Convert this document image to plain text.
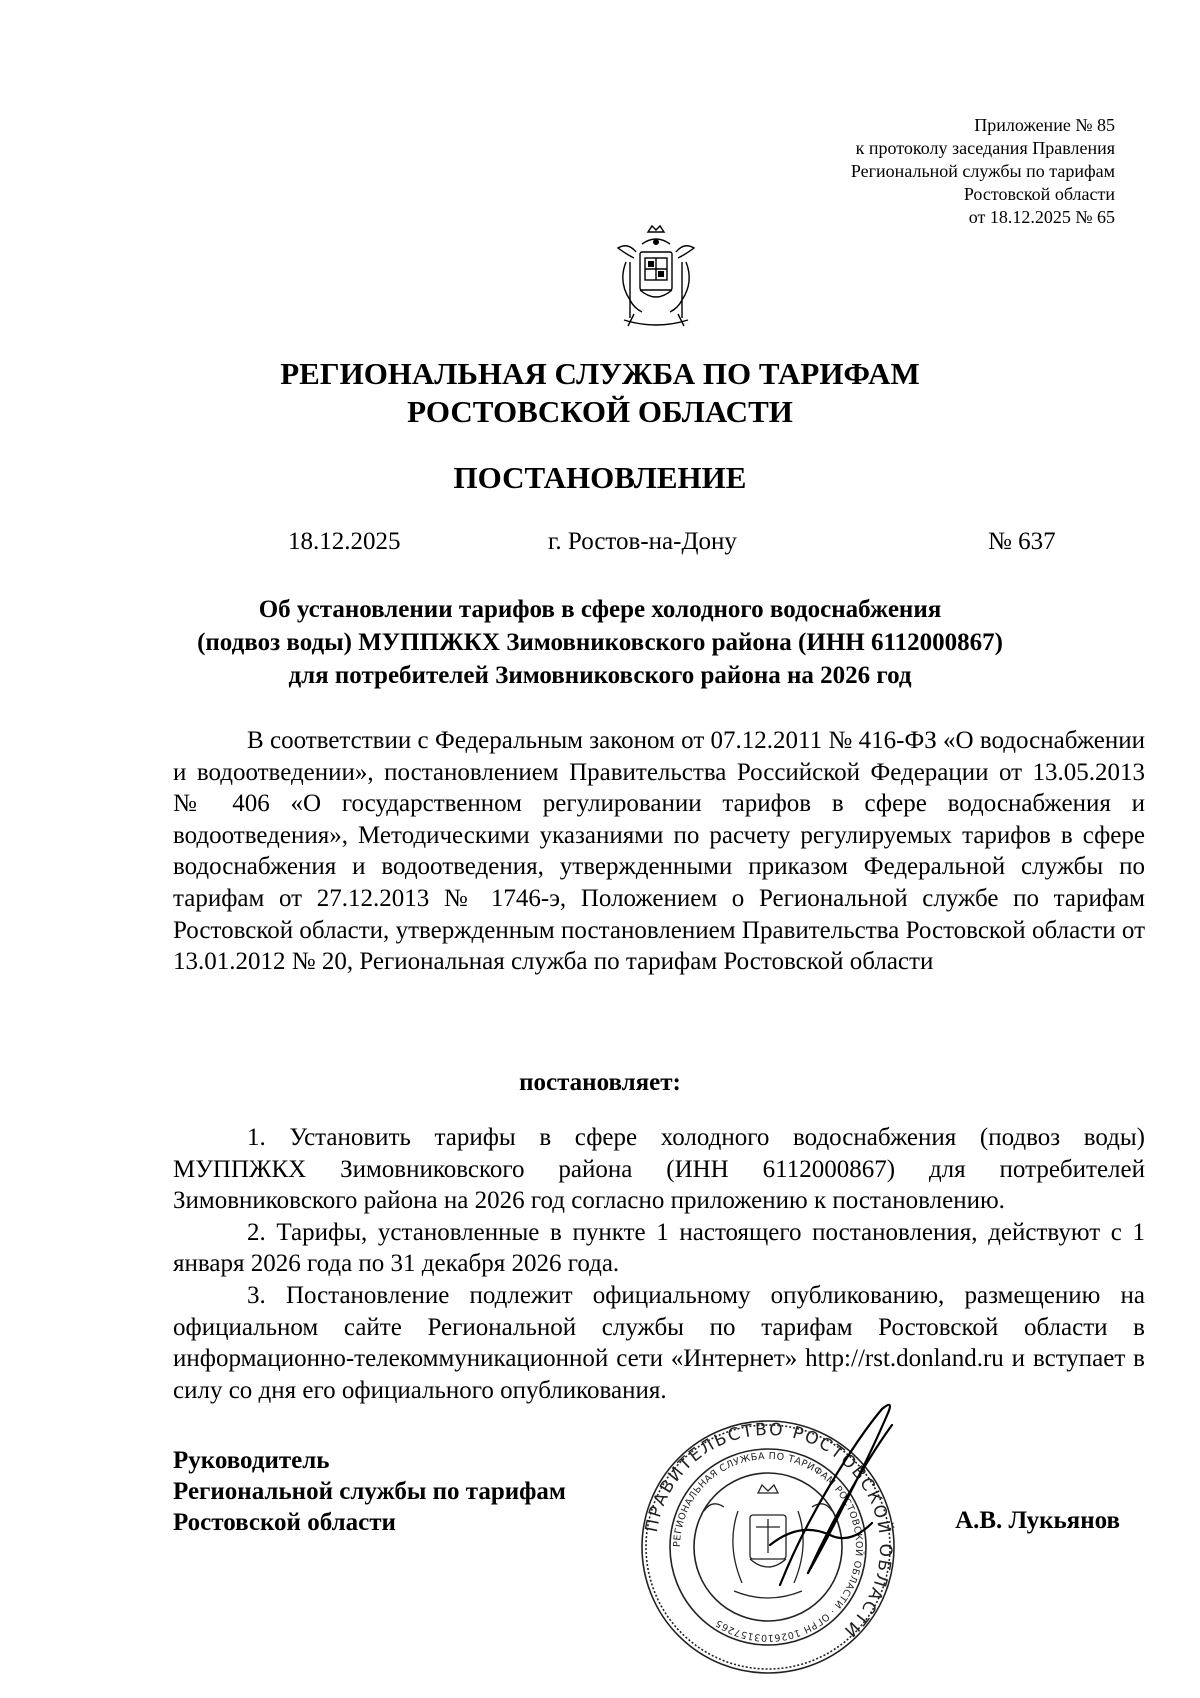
Приложение № 85
к протоколу заседания Правления
Региональной службы по тарифам
Ростовской области
от 18.12.2025 № 65
РЕГИОНАЛЬНАЯ СЛУЖБА ПО ТАРИФАМ
РОСТОВСКОЙ ОБЛАСТИ
ПОСТАНОВЛЕНИЕ
18.12.2025	г. Ростов-на-Дону	№ 637
Об установлении тарифов в сфере холодного водоснабжения
(подвоз воды) МУППЖКХ Зимовниковского района (ИНН 6112000867)
для потребителей Зимовниковского района на 2026 год
В соответствии с Федеральным законом от 07.12.2011 № 416-ФЗ «О водоснабжении и водоотведении», постановлением Правительства Российской Федерации от 13.05.2013 № 406 «О государственном регулировании тарифов в сфере водоснабжения и водоотведения», Методическими указаниями по расчету регулируемых тарифов в сфере водоснабжения и водоотведения, утвержденными приказом Федеральной службы по тарифам от 27.12.2013 № 1746-э, Положением о Региональной службе по тарифам Ростовской области, утвержденным постановлением Правительства Ростовской области от 13.01.2012 № 20, Региональная служба по тарифам Ростовской области
постановляет:

1. Установить тарифы в сфере холодного водоснабжения (подвоз воды) МУППЖКХ Зимовниковского района (ИНН 6112000867) для потребителей Зимовниковского района на 2026 год согласно приложению к постановлению.

2. Тарифы, установленные в пункте 1 настоящего постановления, действуют с 1 января 2026 года по 31 декабря 2026 года.

3. Постановление подлежит официальному опубликованию, размещению на официальном сайте Региональной службы по тарифам Ростовской области в информационно-телекоммуникационной сети «Интернет» http://rst.donland.ru и вступает в силу со дня его официального опубликования.

Руководитель
Региональной службы по тарифам
Ростовской области	А.В. Лукьянов
ПРАВИТЕЛЬСТВО РОСТОВСКОЙ ОБЛАСТИ
РЕГИОНАЛЬНАЯ СЛУЖБА ПО ТАРИФАМ РОСТОВСКОЙ ОБЛАСТИ · ОГРН 1026103157265
